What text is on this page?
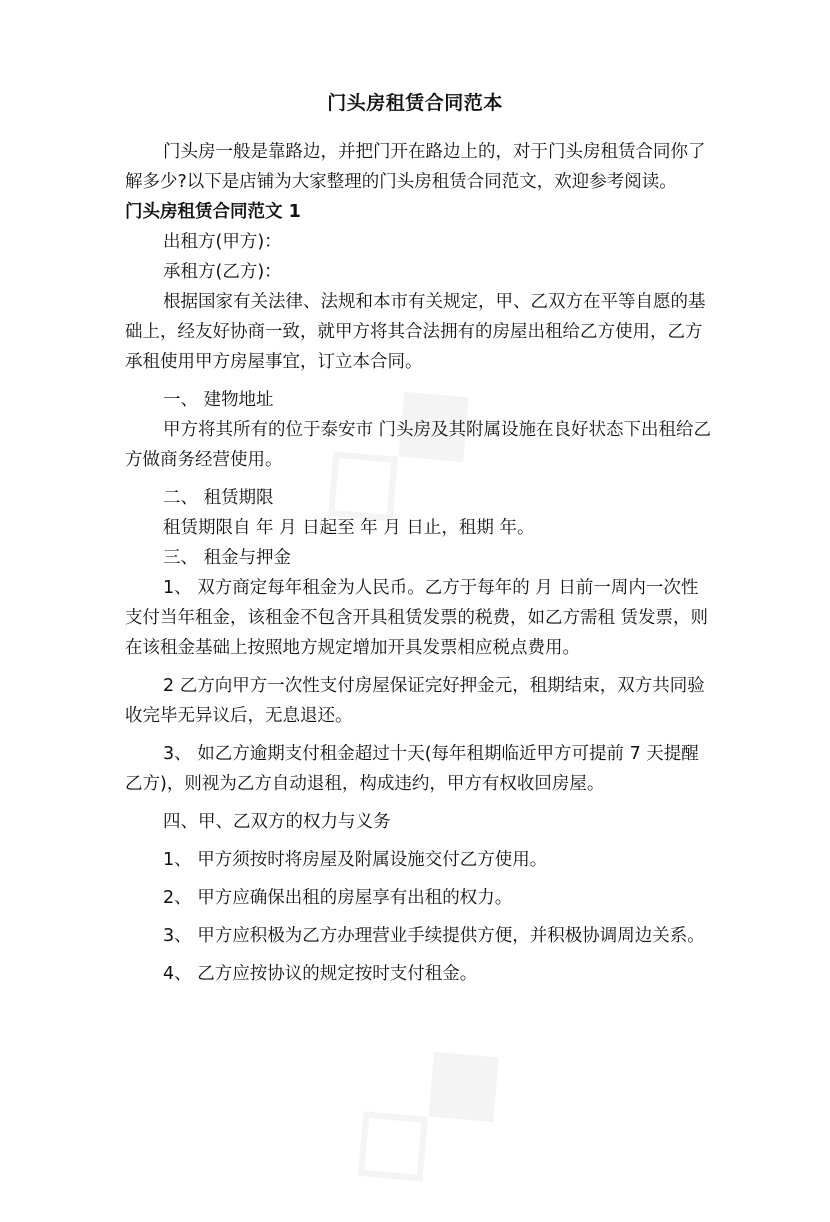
门头房租赁合同范本

门头房一般是靠路边，并把门开在路边上的，对于门头房租赁合同你了解多少?以下是店铺为大家整理的门头房租赁合同范文，欢迎参考阅读。

门头房租赁合同范文 1

出租方(甲方)：

承租方(乙方)：

根据国家有关法律、法规和本市有关规定，甲、乙双方在平等自愿的基础上，经友好协商一致，就甲方将其合法拥有的房屋出租给乙方使用，乙方承租使用甲方房屋事宜，订立本合同。

一、 建物地址

甲方将其所有的位于泰安市 门头房及其附属设施在良好状态下出租给乙方做商务经营使用。

二、 租赁期限

租赁期限自 年 月 日起至 年 月 日止，租期 年。

三、 租金与押金

1、 双方商定每年租金为人民币。乙方于每年的 月 日前一周内一次性支付当年租金，该租金不包含开具租赁发票的税费，如乙方需租 赁发票，则在该租金基础上按照地方规定增加开具发票相应税点费用。

2 乙方向甲方一次性支付房屋保证完好押金元，租期结束，双方共同验收完毕无异议后，无息退还。

3、 如乙方逾期支付租金超过十天(每年租期临近甲方可提前 7 天提醒乙方)，则视为乙方自动退租，构成违约，甲方有权收回房屋。

四、甲、乙双方的权力与义务

1、 甲方须按时将房屋及附属设施交付乙方使用。

2、 甲方应确保出租的房屋享有出租的权力。

3、 甲方应积极为乙方办理营业手续提供方便，并积极协调周边关系。

4、 乙方应按协议的规定按时支付租金。
